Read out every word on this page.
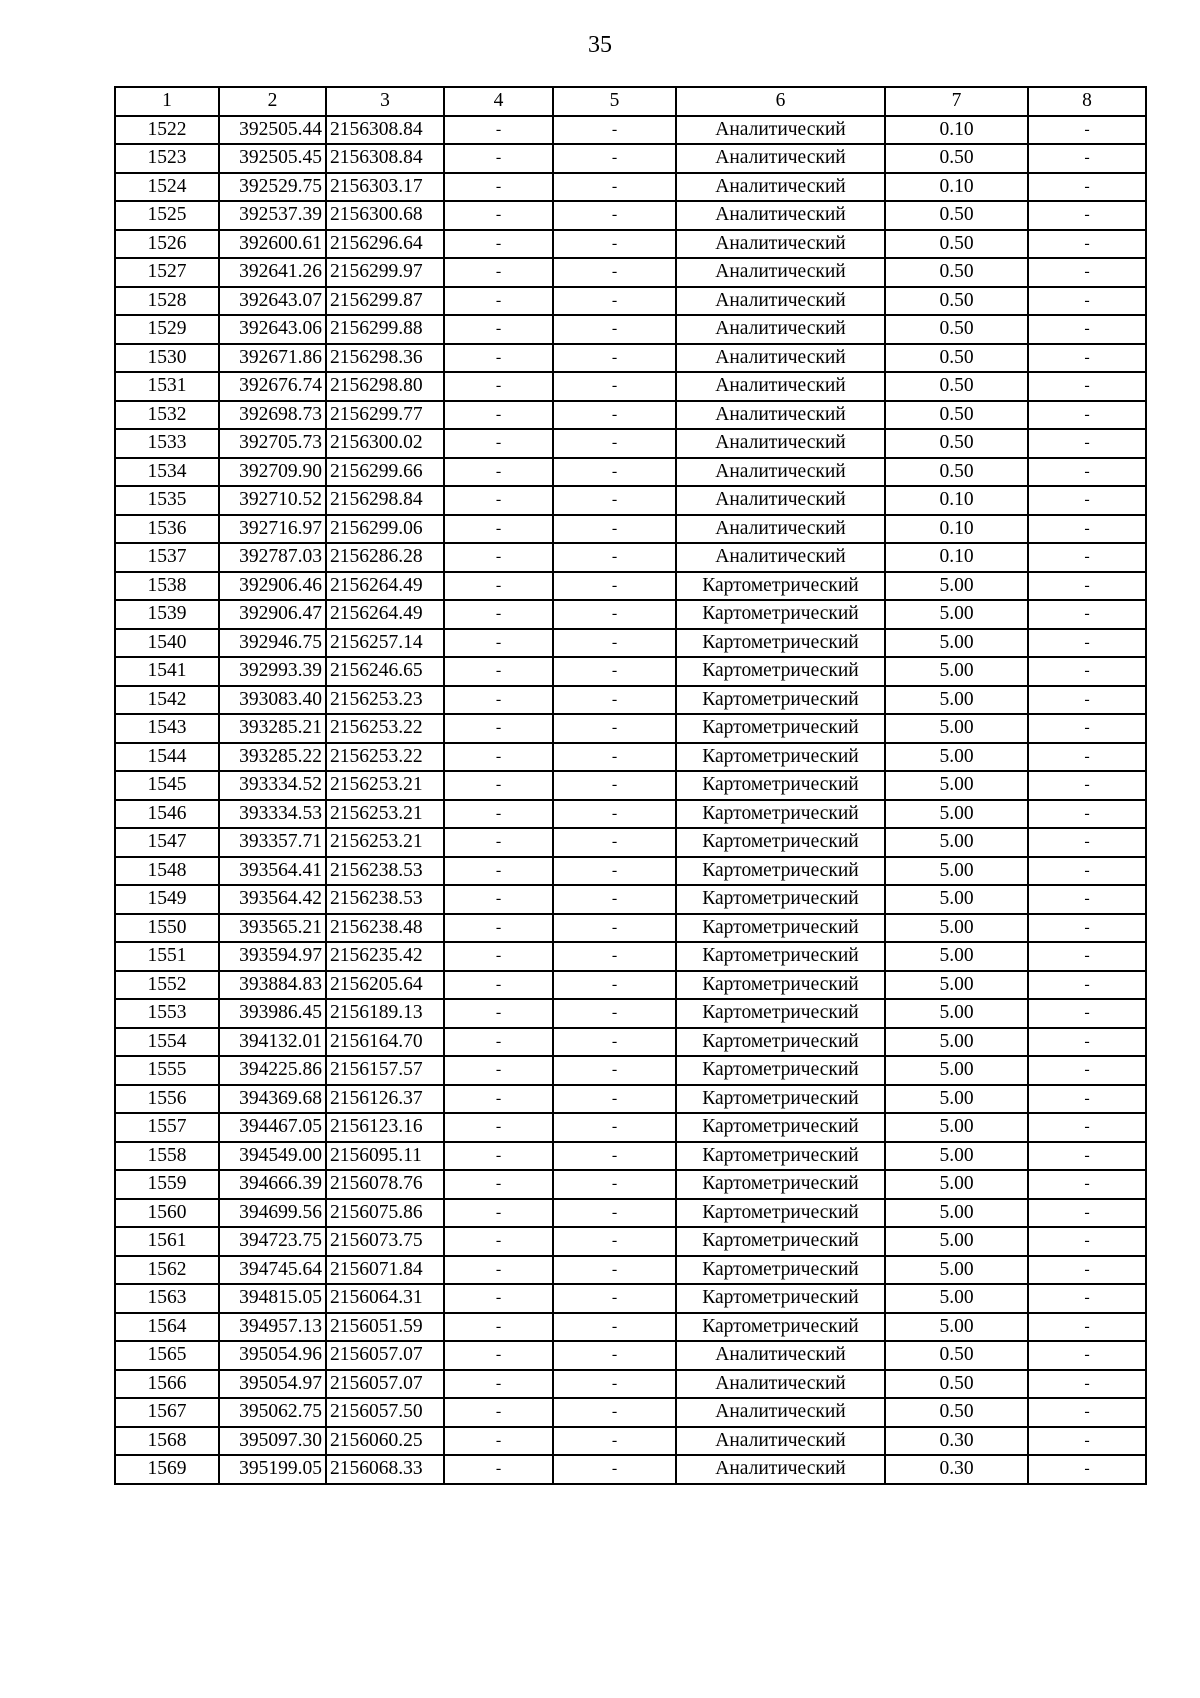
35
1	2	3	4	5	6	7	8
1522	392505.44	2156308.84	-	-	Аналитический	0.10	-
1523	392505.45	2156308.84	-	-	Аналитический	0.50	-
1524	392529.75	2156303.17	-	-	Аналитический	0.10	-
1525	392537.39	2156300.68	-	-	Аналитический	0.50	-
1526	392600.61	2156296.64	-	-	Аналитический	0.50	-
1527	392641.26	2156299.97	-	-	Аналитический	0.50	-
1528	392643.07	2156299.87	-	-	Аналитический	0.50	-
1529	392643.06	2156299.88	-	-	Аналитический	0.50	-
1530	392671.86	2156298.36	-	-	Аналитический	0.50	-
1531	392676.74	2156298.80	-	-	Аналитический	0.50	-
1532	392698.73	2156299.77	-	-	Аналитический	0.50	-
1533	392705.73	2156300.02	-	-	Аналитический	0.50	-
1534	392709.90	2156299.66	-	-	Аналитический	0.50	-
1535	392710.52	2156298.84	-	-	Аналитический	0.10	-
1536	392716.97	2156299.06	-	-	Аналитический	0.10	-
1537	392787.03	2156286.28	-	-	Аналитический	0.10	-
1538	392906.46	2156264.49	-	-	Картометрический	5.00	-
1539	392906.47	2156264.49	-	-	Картометрический	5.00	-
1540	392946.75	2156257.14	-	-	Картометрический	5.00	-
1541	392993.39	2156246.65	-	-	Картометрический	5.00	-
1542	393083.40	2156253.23	-	-	Картометрический	5.00	-
1543	393285.21	2156253.22	-	-	Картометрический	5.00	-
1544	393285.22	2156253.22	-	-	Картометрический	5.00	-
1545	393334.52	2156253.21	-	-	Картометрический	5.00	-
1546	393334.53	2156253.21	-	-	Картометрический	5.00	-
1547	393357.71	2156253.21	-	-	Картометрический	5.00	-
1548	393564.41	2156238.53	-	-	Картометрический	5.00	-
1549	393564.42	2156238.53	-	-	Картометрический	5.00	-
1550	393565.21	2156238.48	-	-	Картометрический	5.00	-
1551	393594.97	2156235.42	-	-	Картометрический	5.00	-
1552	393884.83	2156205.64	-	-	Картометрический	5.00	-
1553	393986.45	2156189.13	-	-	Картометрический	5.00	-
1554	394132.01	2156164.70	-	-	Картометрический	5.00	-
1555	394225.86	2156157.57	-	-	Картометрический	5.00	-
1556	394369.68	2156126.37	-	-	Картометрический	5.00	-
1557	394467.05	2156123.16	-	-	Картометрический	5.00	-
1558	394549.00	2156095.11	-	-	Картометрический	5.00	-
1559	394666.39	2156078.76	-	-	Картометрический	5.00	-
1560	394699.56	2156075.86	-	-	Картометрический	5.00	-
1561	394723.75	2156073.75	-	-	Картометрический	5.00	-
1562	394745.64	2156071.84	-	-	Картометрический	5.00	-
1563	394815.05	2156064.31	-	-	Картометрический	5.00	-
1564	394957.13	2156051.59	-	-	Картометрический	5.00	-
1565	395054.96	2156057.07	-	-	Аналитический	0.50	-
1566	395054.97	2156057.07	-	-	Аналитический	0.50	-
1567	395062.75	2156057.50	-	-	Аналитический	0.50	-
1568	395097.30	2156060.25	-	-	Аналитический	0.30	-
1569	395199.05	2156068.33	-	-	Аналитический	0.30	-
